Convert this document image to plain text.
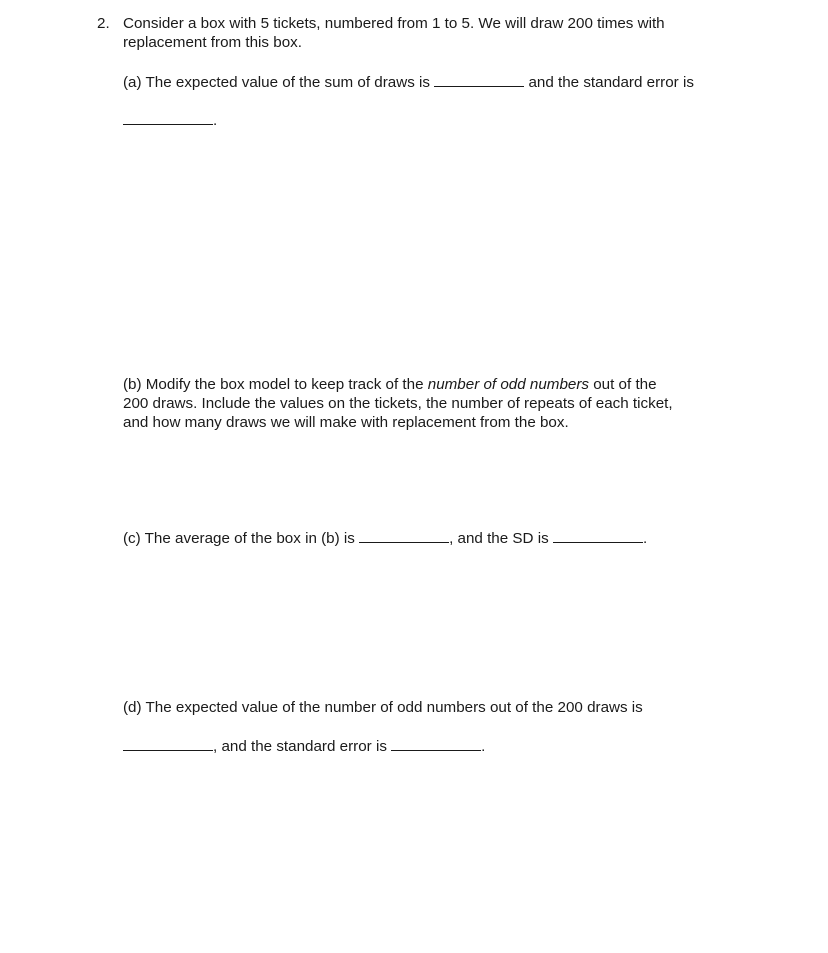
2. Consider a box with 5 tickets, numbered from 1 to 5. We will draw 200 times with
replacement from this box.
(a) The expected value of the sum of draws is	and the standard error is
.
(b) Modify the box model to keep track of the number of odd numbers out of the
200 draws. Include the values on the tickets, the number of repeats of each ticket,
and how many draws we will make with replacement from the box.
(c) The average of the box in (b) is	, and the SD is	.
(d) The expected value of the number of odd numbers out of the 200 draws is
, and the standard error is	.
